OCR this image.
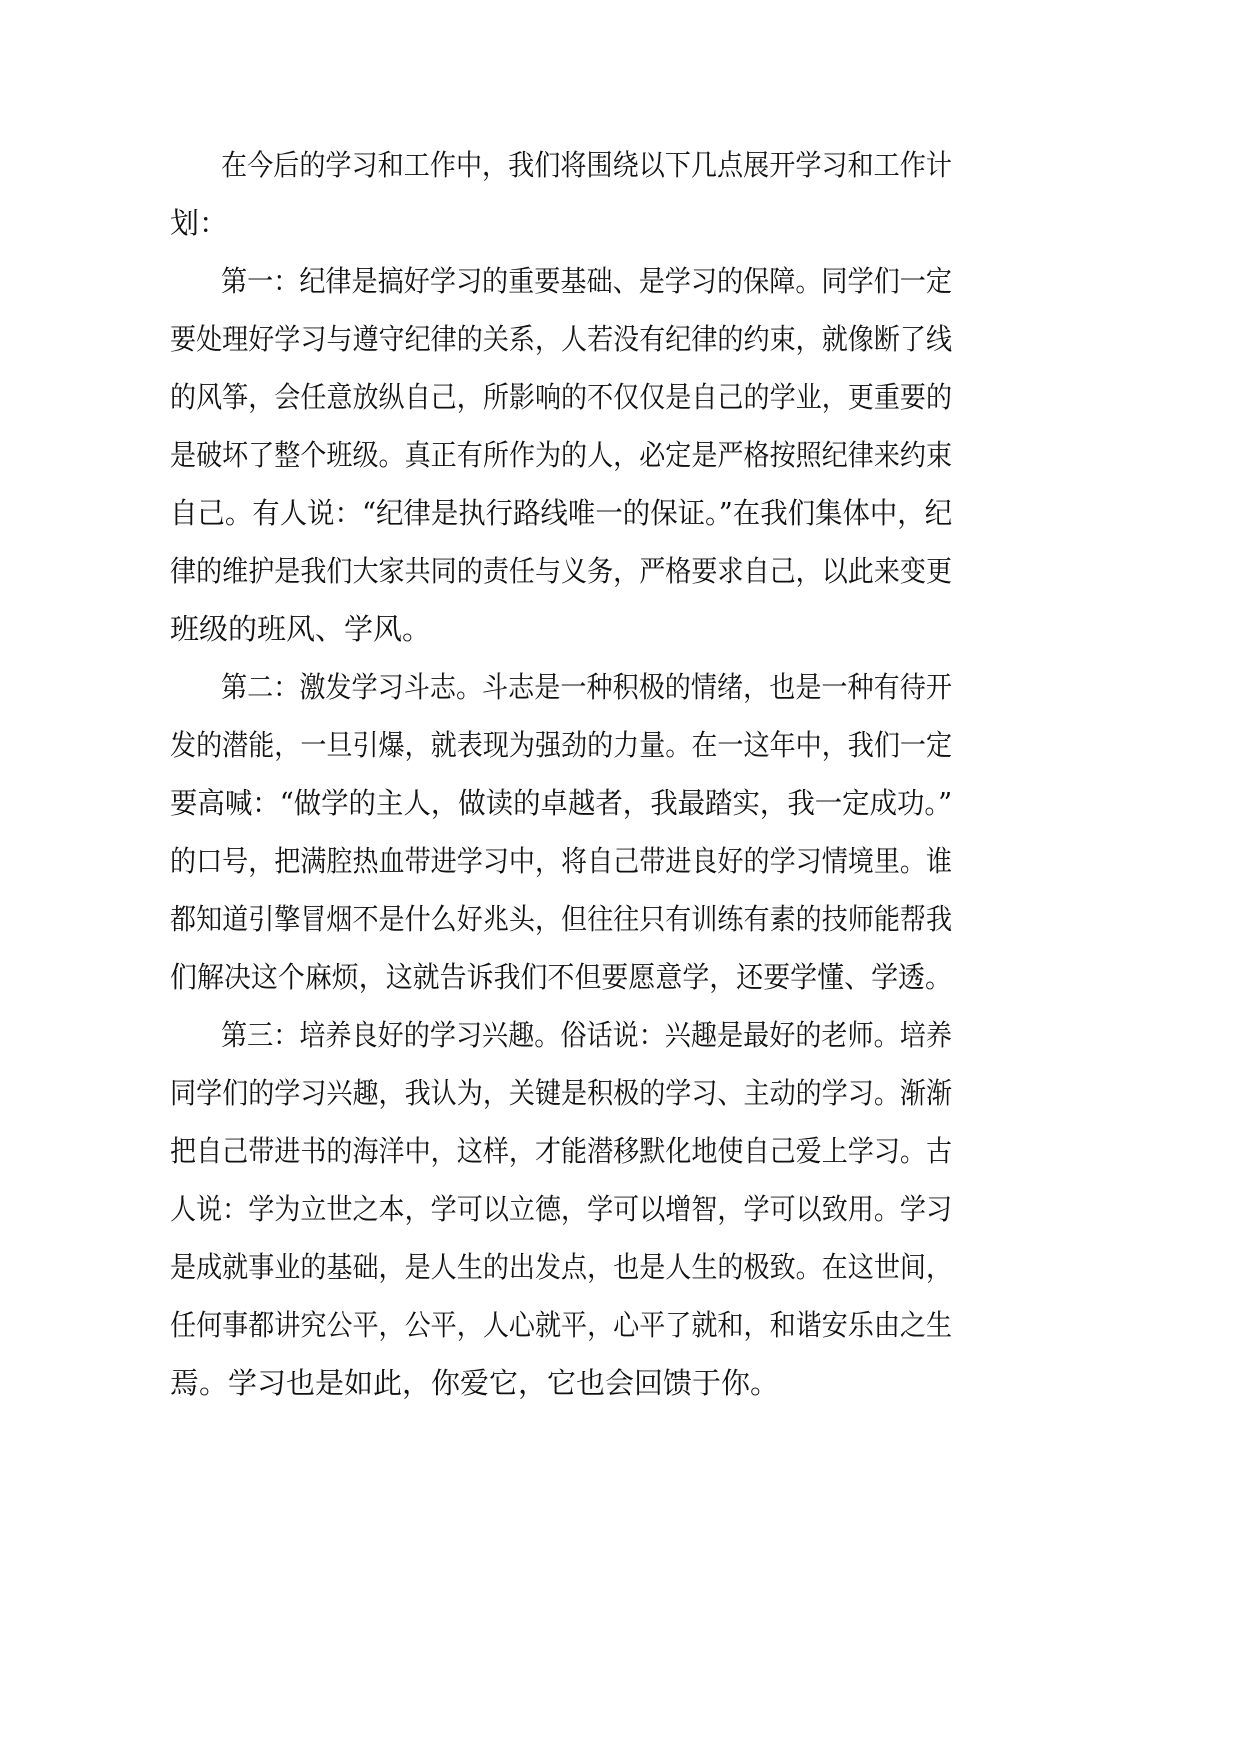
在今后的学习和工作中，我们将围绕以下几点展开学习和工作计

划：

第一：纪律是搞好学习的重要基础、是学习的保障。同学们一定

要处理好学习与遵守纪律的关系，人若没有纪律的约束，就像断了线

的风筝，会任意放纵自己，所影响的不仅仅是自己的学业，更重要的

是破坏了整个班级。真正有所作为的人，必定是严格按照纪律来约束

自己。有人说：“纪律是执行路线唯一的保证。”在我们集体中，纪

律的维护是我们大家共同的责任与义务，严格要求自己，以此来变更

班级的班风、学风。

第二：激发学习斗志。斗志是一种积极的情绪，也是一种有待开

发的潜能，一旦引爆，就表现为强劲的力量。在一这年中，我们一定

要高喊：“做学的主人，做读的卓越者，我最踏实，我一定成功。”

的口号，把满腔热血带进学习中，将自己带进良好的学习情境里。谁

都知道引擎冒烟不是什么好兆头，但往往只有训练有素的技师能帮我

们解决这个麻烦，这就告诉我们不但要愿意学，还要学懂、学透。

第三：培养良好的学习兴趣。俗话说：兴趣是最好的老师。培养

同学们的学习兴趣，我认为，关键是积极的学习、主动的学习。渐渐

把自己带进书的海洋中，这样，才能潜移默化地使自己爱上学习。古

人说：学为立世之本，学可以立德，学可以增智，学可以致用。学习

是成就事业的基础，是人生的出发点，也是人生的极致。在这世间，

任何事都讲究公平，公平，人心就平，心平了就和，和谐安乐由之生

焉。学习也是如此，你爱它，它也会回馈于你。
